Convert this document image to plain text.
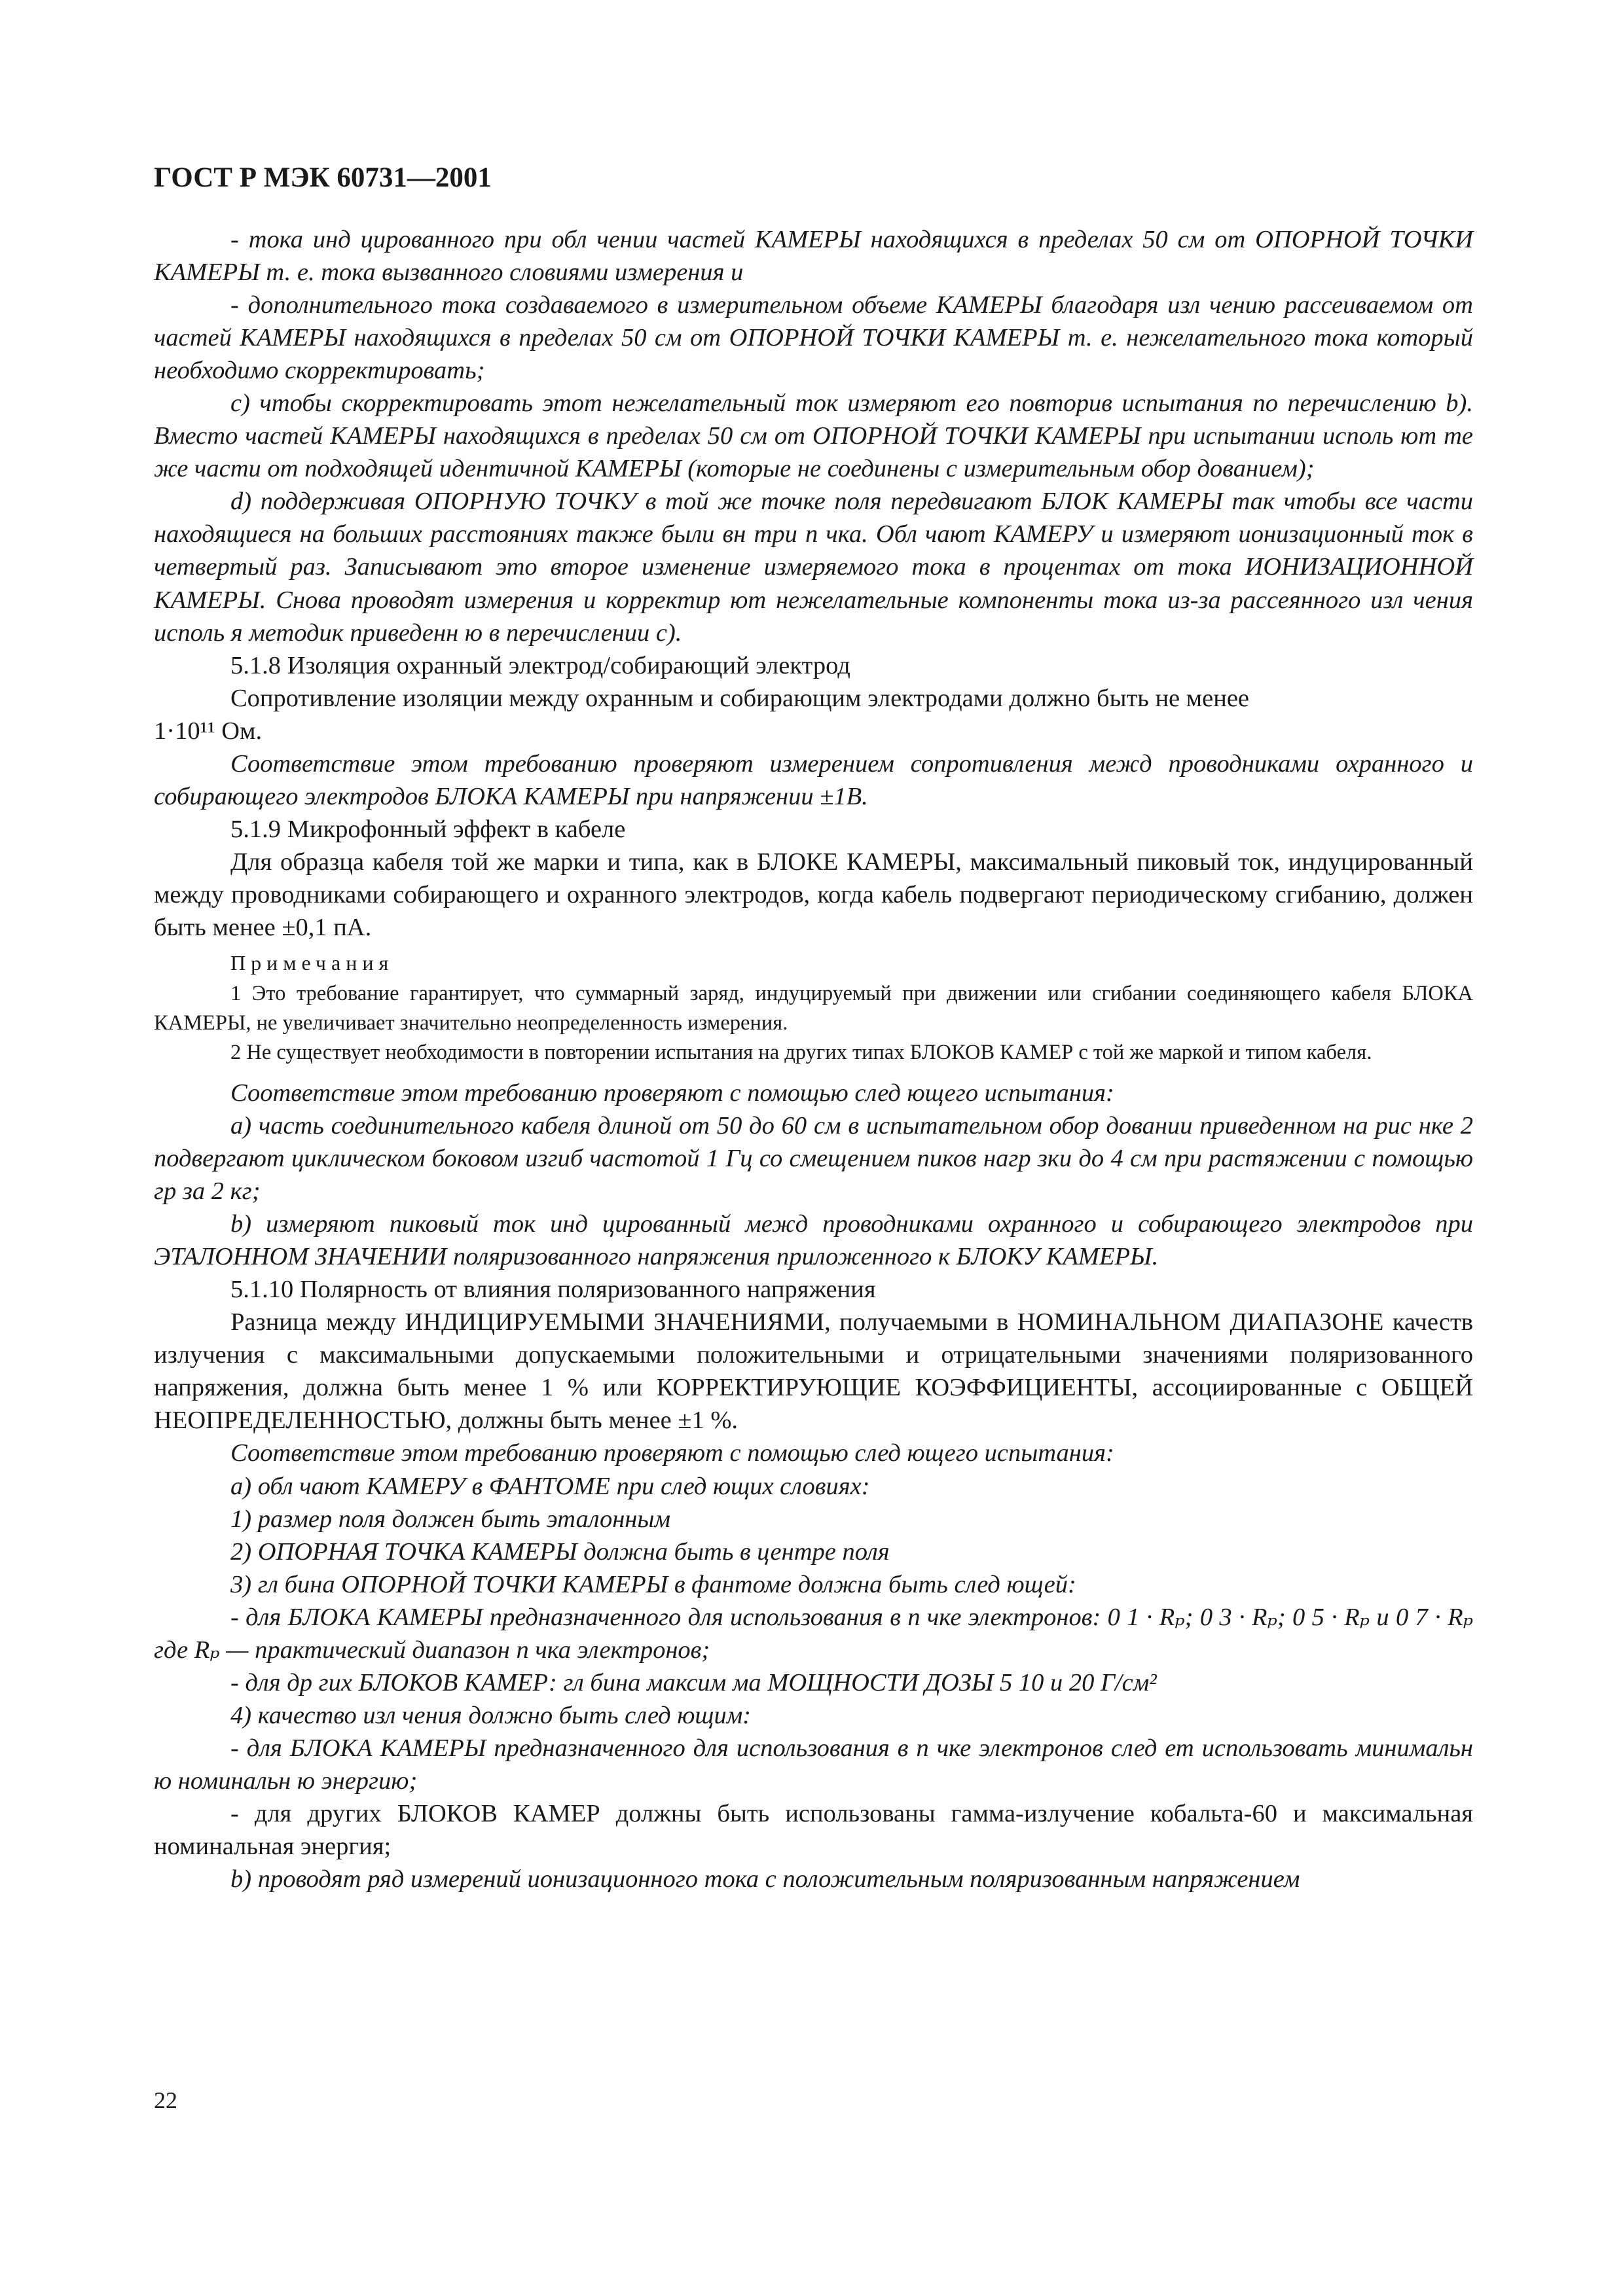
ГОСТ Р МЭК 60731—2001

- тока инд цированного при обл чении частей КАМЕРЫ находящихся в пределах 50 см от ОПОРНОЙ ТОЧКИ КАМЕРЫ т. е. тока вызванного словиями измерения и

- дополнительного тока создаваемого в измерительном объеме КАМЕРЫ благодаря изл чению рассеиваемом от частей КАМЕРЫ находящихся в пределах 50 см от ОПОРНОЙ ТОЧКИ КАМЕРЫ т. е. нежелательного тока который необходимо скорректировать;

c) чтобы скорректировать этот нежелательный ток измеряют его повторив испытания по перечислению b). Вместо частей КАМЕРЫ находящихся в пределах 50 см от ОПОРНОЙ ТОЧКИ КАМЕРЫ при испытании исполь ют те же части от подходящей идентичной КАМЕРЫ (которые не соединены с измерительным обор дованием);

d) поддерживая ОПОРНУЮ ТОЧКУ в той же точке поля передвигают БЛОК КАМЕРЫ так чтобы все части находящиеся на больших расстояниях также были вн три п чка. Обл чают КАМЕРУ и измеряют ионизационный ток в четвертый раз. Записывают это второе изменение измеряемого тока в процентах от тока ИОНИЗАЦИОННОЙ КАМЕРЫ. Снова проводят измерения и корректир ют нежелательные компоненты тока из-за рассеянного изл чения исполь я методик приведенн ю в перечислении c).

5.1.8 Изоляция охранный электрод/собирающий электрод

Сопротивление изоляции между охранным и собирающим электродами должно быть не менее

1·10¹¹ Ом.

Соответствие этом требованию проверяют измерением сопротивления межд проводниками охранного и собирающего электродов БЛОКА КАМЕРЫ при напряжении ±1В.

5.1.9 Микрофонный эффект в кабеле

Для образца кабеля той же марки и типа, как в БЛОКЕ КАМЕРЫ, максимальный пиковый ток, индуцированный между проводниками собирающего и охранного электродов, когда кабель подвергают периодическому сгибанию, должен быть менее ±0,1 пА.

Примечания

1 Это требование гарантирует, что суммарный заряд, индуцируемый при движении или сгибании соединяющего кабеля БЛОКА КАМЕРЫ, не увеличивает значительно неопределенность измерения.

2 Не существует необходимости в повторении испытания на других типах БЛОКОВ КАМЕР с той же маркой и типом кабеля.

Соответствие этом требованию проверяют с помощью след ющего испытания:

a) часть соединительного кабеля длиной от 50 до 60 см в испытательном обор довании приведенном на рис нке 2 подвергают циклическом боковом изгиб частотой 1 Гц со смещением пиков нагр зки до 4 см при растяжении с помощью гр за 2 кг;

b) измеряют пиковый ток инд цированный межд проводниками охранного и собирающего электродов при ЭТАЛОННОМ ЗНАЧЕНИИ поляризованного напряжения приложенного к БЛОКУ КАМЕРЫ.

5.1.10 Полярность от влияния поляризованного напряжения

Разница между ИНДИЦИРУЕМЫМИ ЗНАЧЕНИЯМИ, получаемыми в НОМИНАЛЬНОМ ДИАПАЗОНЕ качеств излучения с максимальными допускаемыми положительными и отрицательными значениями поляризованного напряжения, должна быть менее 1 % или КОРРЕКТИРУЮЩИЕ КОЭФФИЦИЕНТЫ, ассоциированные с ОБЩЕЙ НЕОПРЕДЕЛЕННОСТЬЮ, должны быть менее ±1 %.

Соответствие этом требованию проверяют с помощью след ющего испытания:

a) обл чают КАМЕРУ в ФАНТОМЕ при след ющих словиях:

1) размер поля должен быть эталонным

2) ОПОРНАЯ ТОЧКА КАМЕРЫ должна быть в центре поля

3) гл бина ОПОРНОЙ ТОЧКИ КАМЕРЫ в фантоме должна быть след ющей:

- для БЛОКА КАМЕРЫ предназначенного для использования в п чке электронов: 0 1 · Rₚ; 0 3 · Rₚ; 0 5 · Rₚ и 0 7 · Rₚ где Rₚ — практический диапазон п чка электронов;

- для др гих БЛОКОВ КАМЕР: гл бина максим ма МОЩНОСТИ ДОЗЫ 5 10 и 20 Г/см²

4) качество изл чения должно быть след ющим:

- для БЛОКА КАМЕРЫ предназначенного для использования в п чке электронов след ет использовать минимальн ю номинальн ю энергию;

- для других БЛОКОВ КАМЕР должны быть использованы гамма-излучение кобальта-60 и максимальная номинальная энергия;

b) проводят ряд измерений ионизационного тока с положительным поляризованным напряжением

22
